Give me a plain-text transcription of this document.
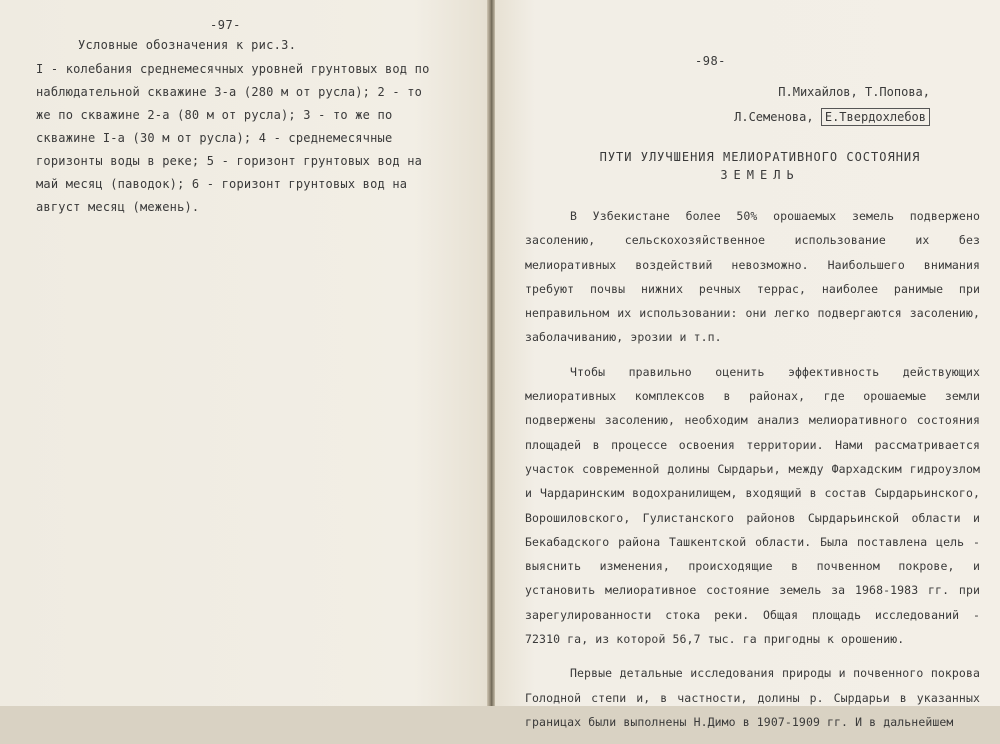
-97-
Условные обозначения к рис.3.
I - колебания среднемесячных уровней грунтовых вод по наблюдательной скважине 3-а (280 м от русла); 2 - то же по скважине 2-а (80 м от русла); 3 - то же по скважине I-а (30 м от русла); 4 - среднемесячные горизонты воды в реке; 5 - горизонт грунтовых вод на май месяц (паводок); 6 - горизонт грунтовых вод на август месяц (межень).
-98-
П.Михайлов, Т.Попова,
Л.Семенова, Е.Твердохлебов
ПУТИ УЛУЧШЕНИЯ МЕЛИОРАТИВНОГО СОСТОЯНИЯ
ЗЕМЕЛЬ

В Узбекистане более 50% орошаемых земель подвержено засолению, сельскохозяйственное использование их без мелиоративных воздействий невозможно. Наибольшего внимания требуют почвы нижних речных террас, наиболее ранимые при неправильном их использовании: они легко подвергаются засолению, заболачиванию, эрозии и т.п.

Чтобы правильно оценить эффективность действующих мелиоративных комплексов в районах, где орошаемые земли подвержены засолению, необходим анализ мелиоративного состояния площадей в процессе освоения территории. Нами рассматривается участок современной долины Сырдарьи, между Фархадским гидроузлом и Чардаринским водохранилищем, входящий в состав Сырдарьинского, Ворошиловского, Гулистанского районов Сырдарьинской области и Бекабадского района Ташкентской области. Была поставлена цель - выяснить изменения, происходящие в почвенном покрове, и установить мелиоративное состояние земель за 1968-1983 гг. при зарегулированности стока реки. Общая площадь исследований - 72310 га, из которой 56,7 тыс. га пригодны к орошению.

Первые детальные исследования природы и почвенного покрова Голодной степи и, в частности, долины р. Сырдарьи в указанных границах были выполнены Н.Димо в 1907-1909 гг. И в дальнейшем
